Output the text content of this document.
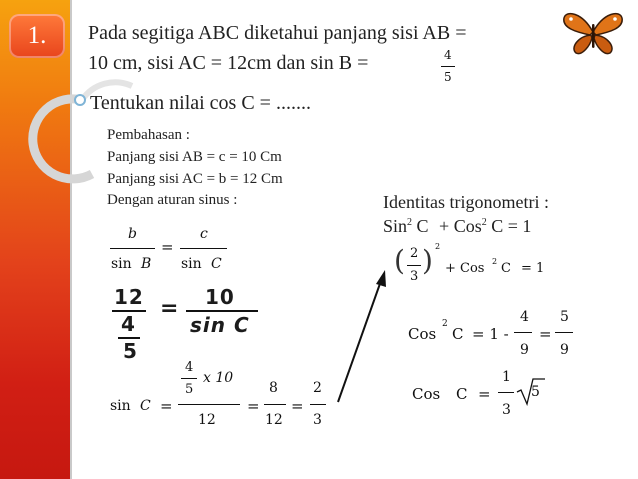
1.	Pada segitiga ABC diketahui panjang sisi AB =
10 cm, sisi AC = 12cm dan sin B =	4
5
Tentukan nilai cos C = .......
Pembahasan :
Panjang sisi AB = c = 10 Cm
Panjang sisi AC = b = 12 Cm
Dengan aturan sinus :
b
sin B
=
c
sin C
12
4
5
= 10
sin C
sin C =
4
5
x 10
12
=
8
12
=
2
3
Identitas trigonometri :
Sin$^2$ C + Cos$^2$ C = 1
( 2
3 ) 2
+ Cos 2 C = 1
Cos
2
C = 1 -
4
9
=
5
9
Cos C =
1
3
5
